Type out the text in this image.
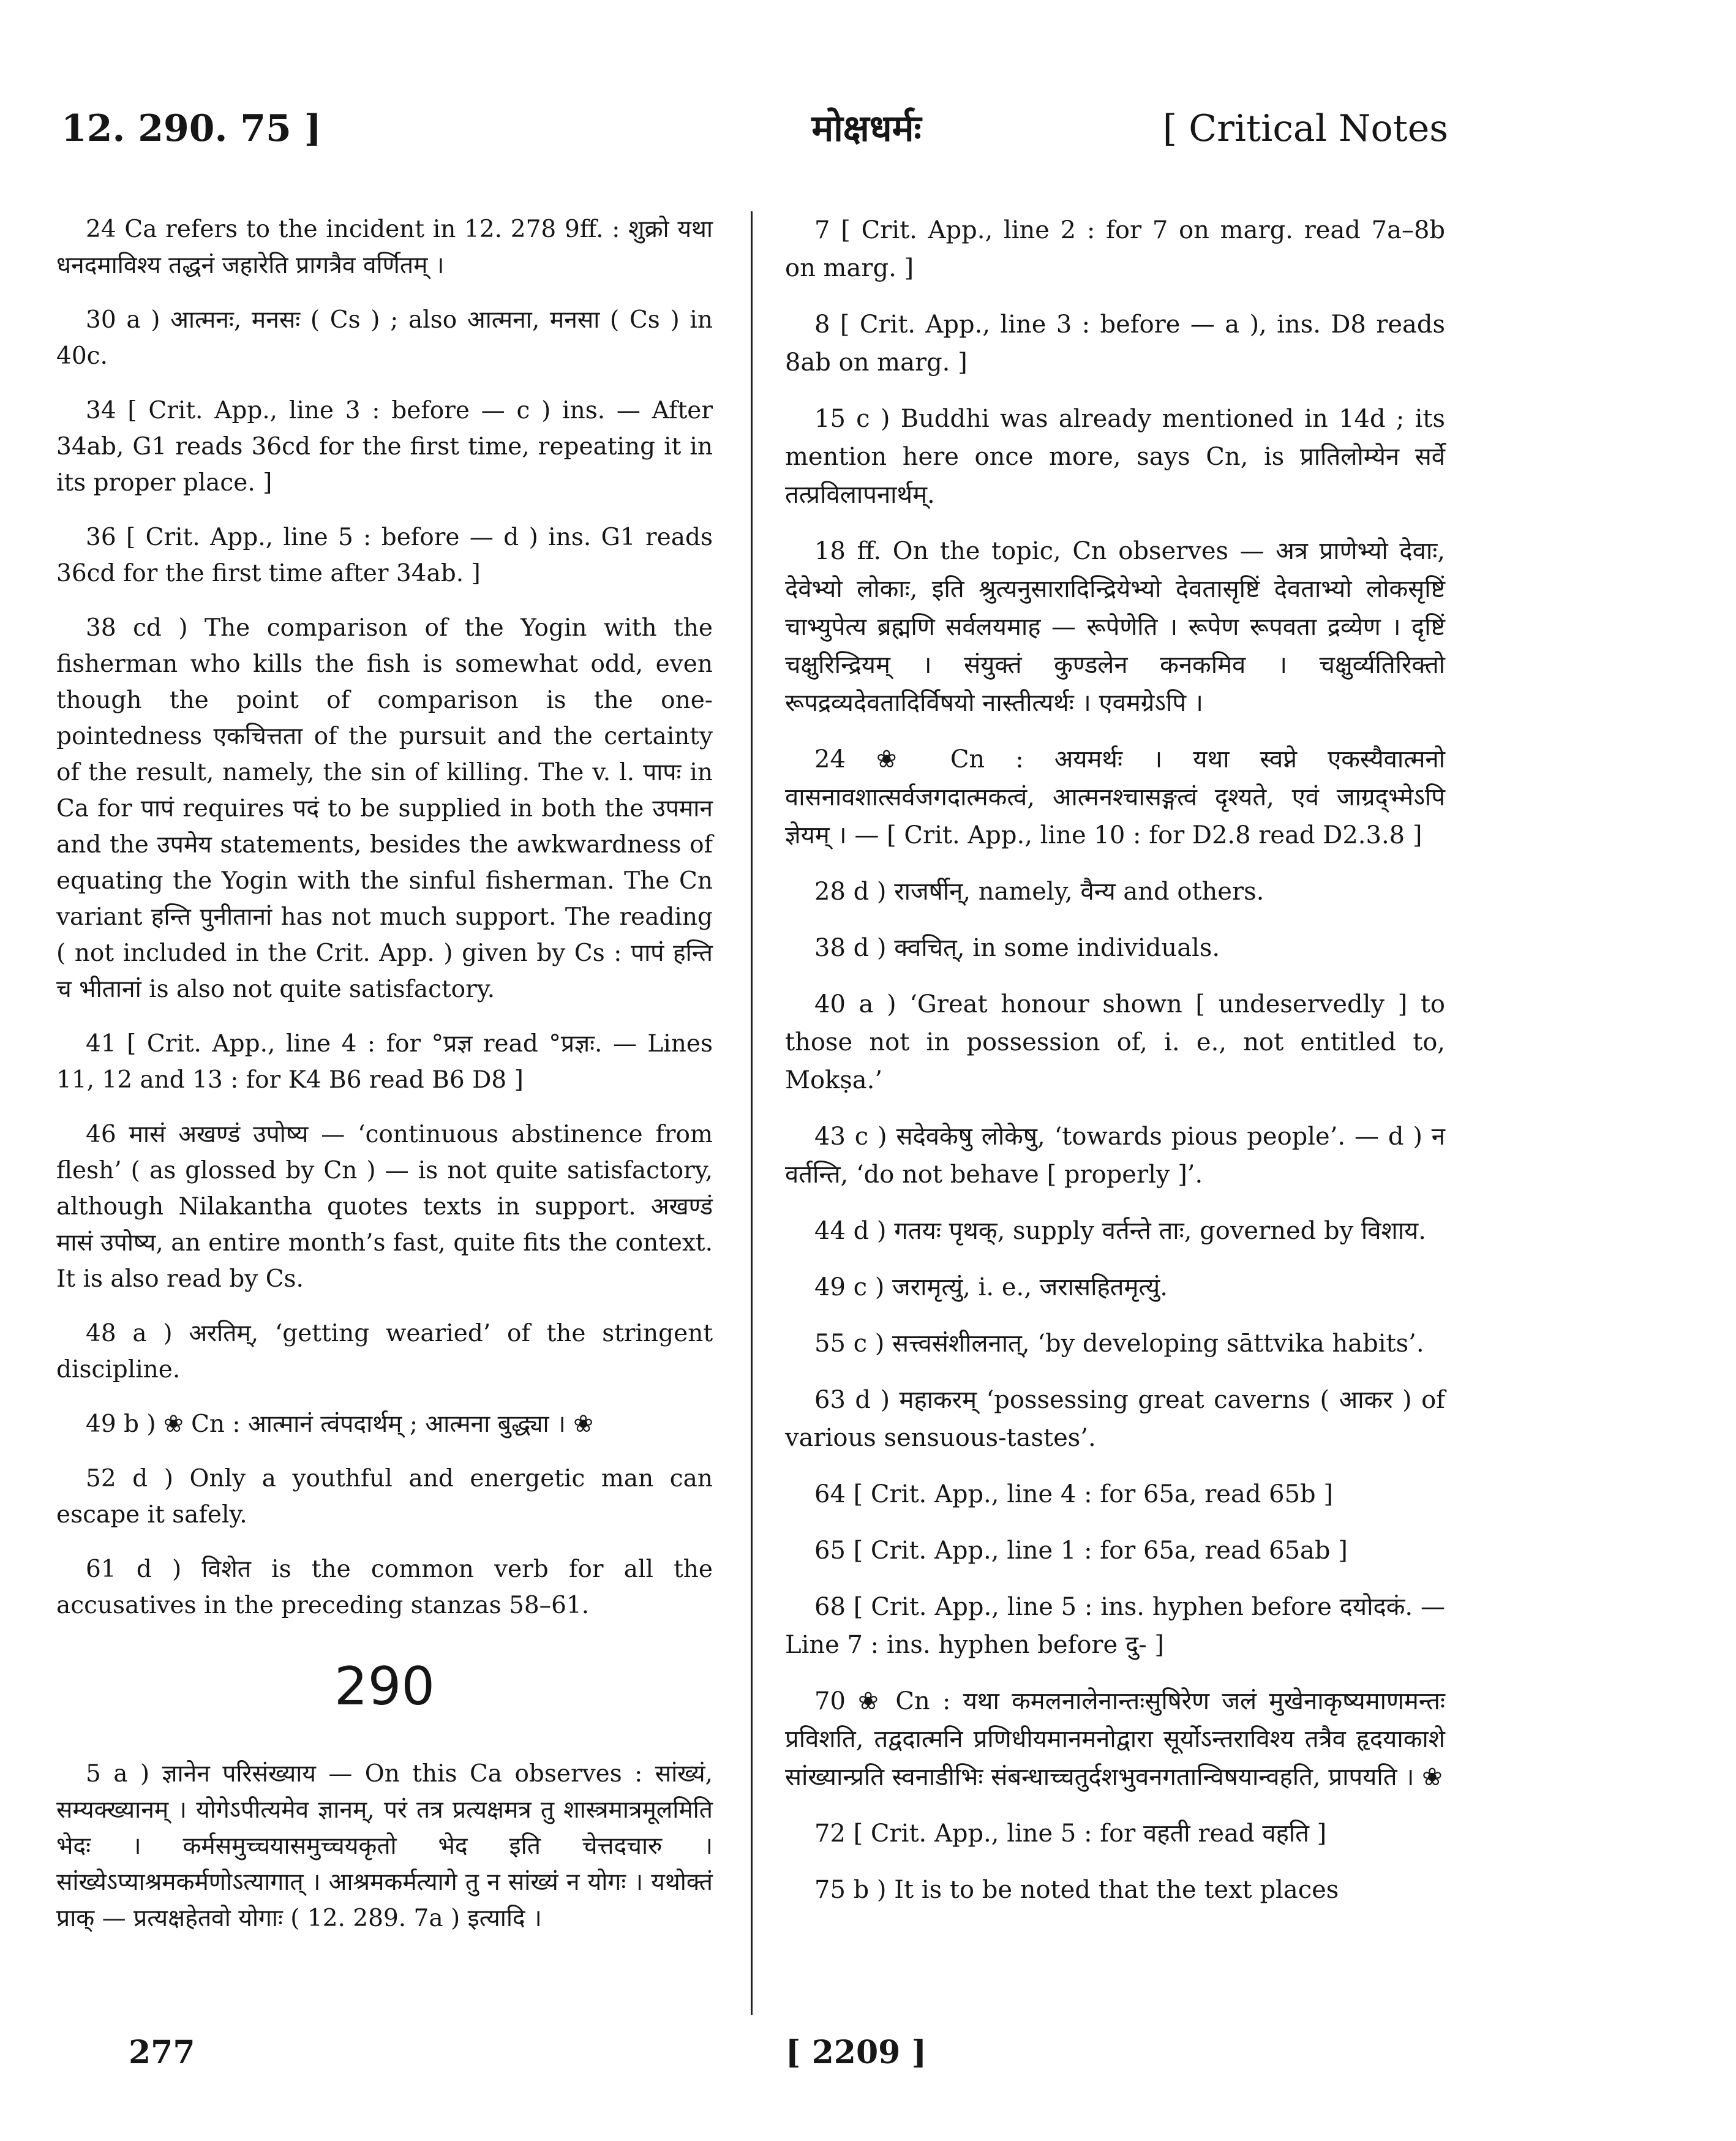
12. 290. 75 ]	मोक्षधर्मः	[ Critical Notes

24 Ca refers to the incident in 12. 278 9ff. : शुक्रो यथा धनदमाविश्य तद्धनं जहारेति प्रागत्रैव वर्णितम् ।

30 a ) आत्मनः, मनसः ( Cs ) ; also आत्मना, मनसा ( Cs ) in 40c.

34 [ Crit. App., line 3 : before — c ) ins. — After 34ab, G1 reads 36cd for the first time, repeating it in its proper place. ]

36 [ Crit. App., line 5 : before — d ) ins. G1 reads 36cd for the first time after 34ab. ]

38 cd ) The comparison of the Yogin with the fisherman who kills the fish is somewhat odd, even though the point of comparison is the one-pointedness एकचित्तता of the pursuit and the certainty of the result, namely, the sin of killing. The v. l. पापः in Ca for पापं requires पदं to be supplied in both the उपमान and the उपमेय statements, besides the awkwardness of equating the Yogin with the sinful fisherman. The Cn variant हन्ति पुनीतानां has not much support. The reading ( not included in the Crit. App. ) given by Cs : पापं हन्ति च भीतानां is also not quite satisfactory.

41 [ Crit. App., line 4 : for °प्रज्ञ read °प्रज्ञः. — Lines 11, 12 and 13 : for K4 B6 read B6 D8 ]

46 मासं अखण्डं उपोष्य — ‘continuous abstinence from flesh’ ( as glossed by Cn ) — is not quite satisfactory, although Nilakantha quotes texts in support. अखण्डं मासं उपोष्य, an entire month’s fast, quite fits the context. It is also read by Cs.

48 a ) अरतिम्, ‘getting wearied’ of the stringent discipline.

49 b ) ❀ Cn : आत्मानं त्वंपदार्थम् ; आत्मना बुद्ध्या । ❀

52 d ) Only a youthful and energetic man can escape it safely.

61 d ) विशेत is the common verb for all the accusatives in the preceding stanzas 58–61.

290

5 a ) ज्ञानेन परिसंख्याय — On this Ca observes : सांख्यं, सम्यक्ख्यानम् । योगेऽपीत्यमेव ज्ञानम्, परं तत्र प्रत्यक्षमत्र तु शास्त्रमात्रमूलमिति भेदः । कर्मसमुच्चयासमुच्चयकृतो भेद इति चेत्तदचारु । सांख्येऽप्याश्रमकर्मणोऽत्यागात् । आश्रमकर्मत्यागे तु न सांख्यं न योगः । यथोक्तं प्राक् — प्रत्यक्षहेतवो योगाः ( 12. 289. 7a ) इत्यादि ।

7 [ Crit. App., line 2 : for 7 on marg. read 7a–8b on marg. ]

8 [ Crit. App., line 3 : before — a ), ins. D8 reads 8ab on marg. ]

15 c ) Buddhi was already mentioned in 14d ; its mention here once more, says Cn, is प्रातिलोम्येन सर्वे तत्प्रविलापनार्थम्.

18 ff. On the topic, Cn observes — अत्र प्राणेभ्यो देवाः, देवेभ्यो लोकाः, इति श्रुत्यनुसारादिन्द्रियेभ्यो देवतासृष्टिं देवताभ्यो लोकसृष्टिं चाभ्युपेत्य ब्रह्मणि सर्वलयमाह — रूपेणेति । रूपेण रूपवता द्रव्येण । दृष्टिं चक्षुरिन्द्रियम् । संयुक्तं कुण्डलेन कनकमिव । चक्षुर्व्यतिरिक्तो रूपद्रव्यदेवतादिर्विषयो नास्तीत्यर्थः । एवमग्रेऽपि ।

24 ❀ Cn : अयमर्थः । यथा स्वप्ने एकस्यैवात्मनो वासनावशात्सर्वजगदात्मकत्वं, आत्मनश्चासङ्गत्वं दृश्यते, एवं जाग्रद्भ्मेऽपि ज्ञेयम् । — [ Crit. App., line 10 : for D2.8 read D2.3.8 ]

28 d ) राजर्षीन्, namely, वैन्य and others.

38 d ) क्वचित्, in some individuals.

40 a ) ‘Great honour shown [ undeservedly ] to those not in possession of, i. e., not entitled to, Mokṣa.’

43 c ) सदेवकेषु लोकेषु, ‘towards pious people’. — d ) न वर्तन्ति, ‘do not behave [ properly ]’.

44 d ) गतयः पृथक्, supply वर्तन्ते ताः, governed by विशाय.

49 c ) जरामृत्युं, i. e., जरासहितमृत्युं.

55 c ) सत्त्वसंशीलनात्, ‘by developing sāttvika habits’.

63 d ) महाकरम् ‘possessing great caverns ( आकर ) of various sensuous-tastes’.

64 [ Crit. App., line 4 : for 65a, read 65b ]

65 [ Crit. App., line 1 : for 65a, read 65ab ]

68 [ Crit. App., line 5 : ins. hyphen before दयोदकं. — Line 7 : ins. hyphen before दु- ]

70 ❀ Cn : यथा कमलनालेनान्तःसुषिरेण जलं मुखेनाकृष्यमाणमन्तः प्रविशति, तद्वदात्मनि प्रणिधीयमानमनोद्वारा सूर्योऽन्तराविश्य तत्रैव हृदयाकाशे सांख्यान्प्रति स्वनाडीभिः संबन्धाच्चतुर्दशभुवनगतान्विषयान्वहति, प्रापयति । ❀

72 [ Crit. App., line 5 : for वहती read वहति ]

75 b ) It is to be noted that the text places

277	[ 2209 ]
